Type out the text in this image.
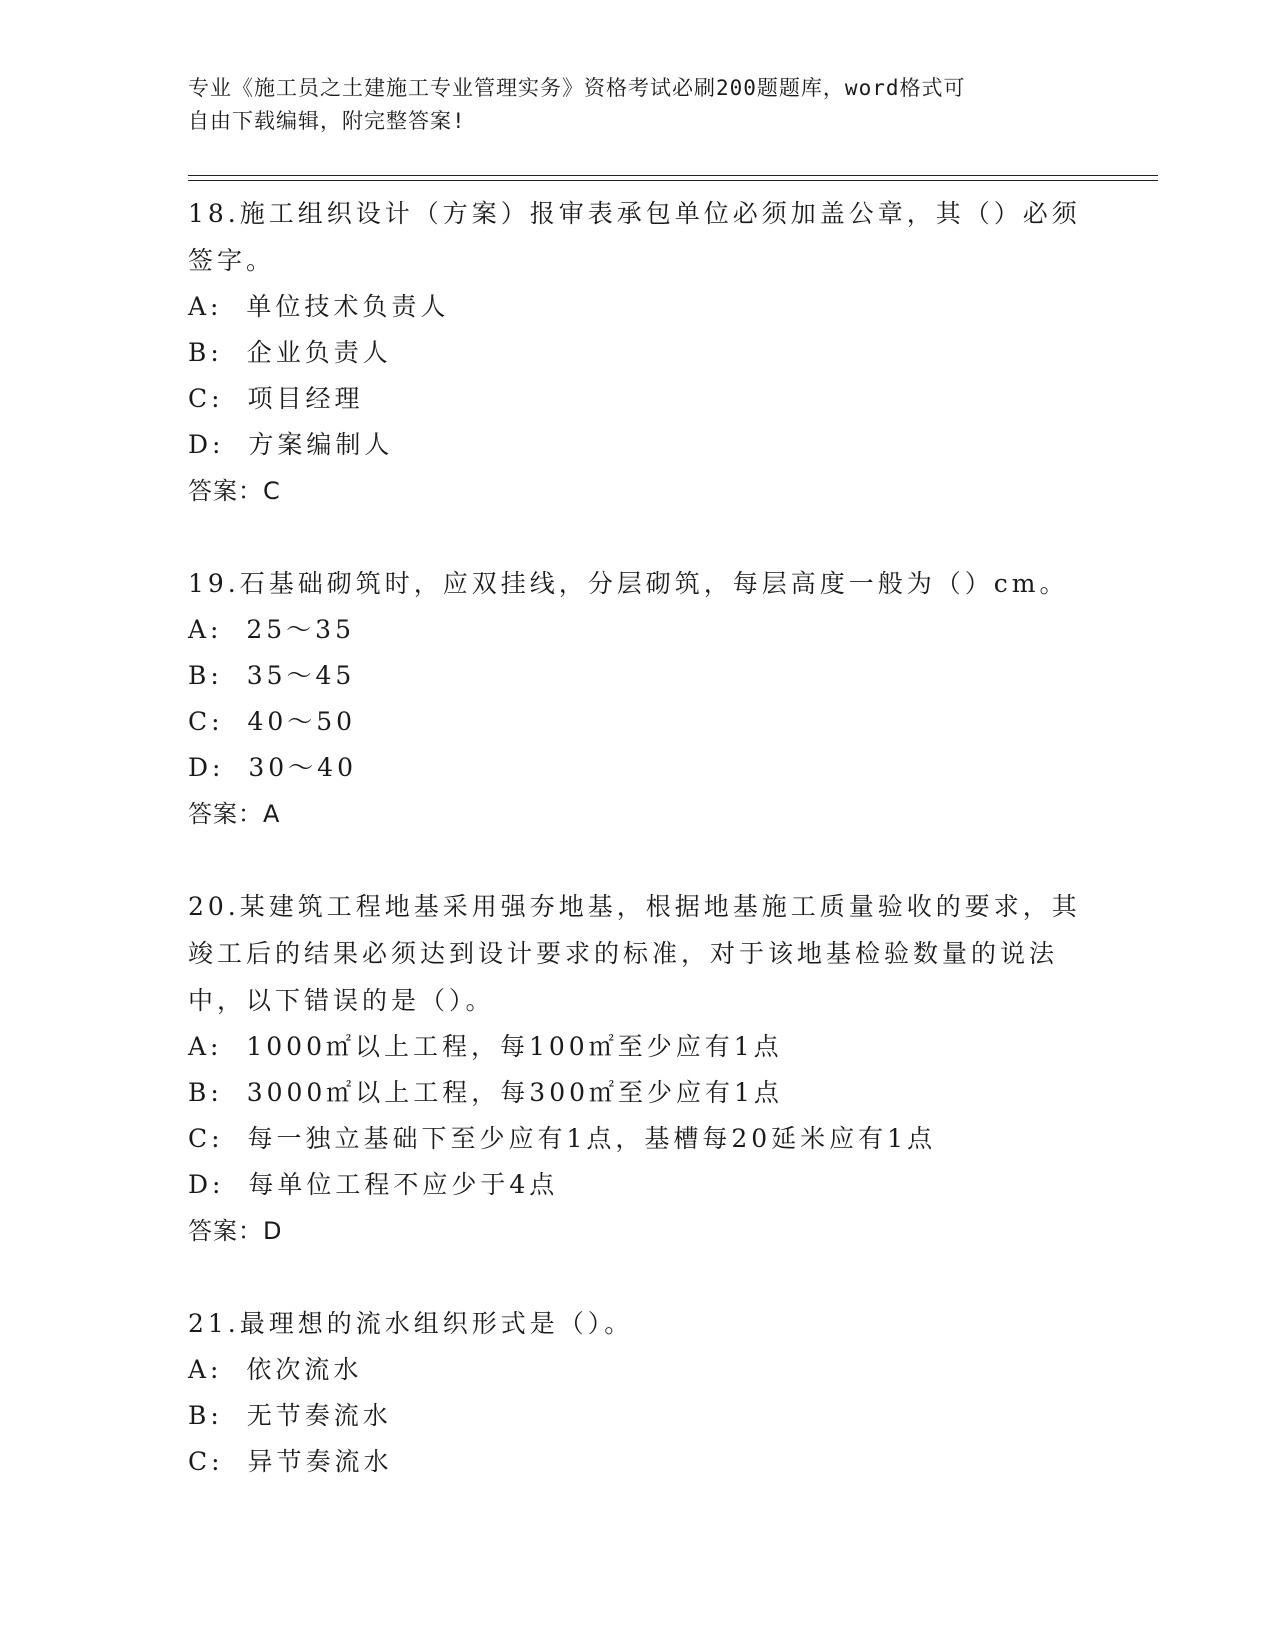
专业《施工员之土建施工专业管理实务》资格考试必刷200题题库，word格式可
自由下载编辑，附完整答案!
18.施工组织设计（方案）报审表承包单位必须加盖公章，其（）必须
签字。
A:  单位技术负责人
B:  企业负责人
C:  项目经理
D:  方案编制人
答案：C
19.石基础砌筑时，应双挂线，分层砌筑，每层高度一般为（）cm。
A:  25～35
B:  35～45
C:  40～50
D:  30～40
答案：A
20.某建筑工程地基采用强夯地基，根据地基施工质量验收的要求，其
竣工后的结果必须达到设计要求的标准，对于该地基检验数量的说法
中，以下错误的是（）。
A:  1000㎡以上工程，每100㎡至少应有1点
B:  3000㎡以上工程，每300㎡至少应有1点
C:  每一独立基础下至少应有1点，基槽每20延米应有1点
D:  每单位工程不应少于4点
答案：D
21.最理想的流水组织形式是（）。
A:  依次流水
B:  无节奏流水
C:  异节奏流水
